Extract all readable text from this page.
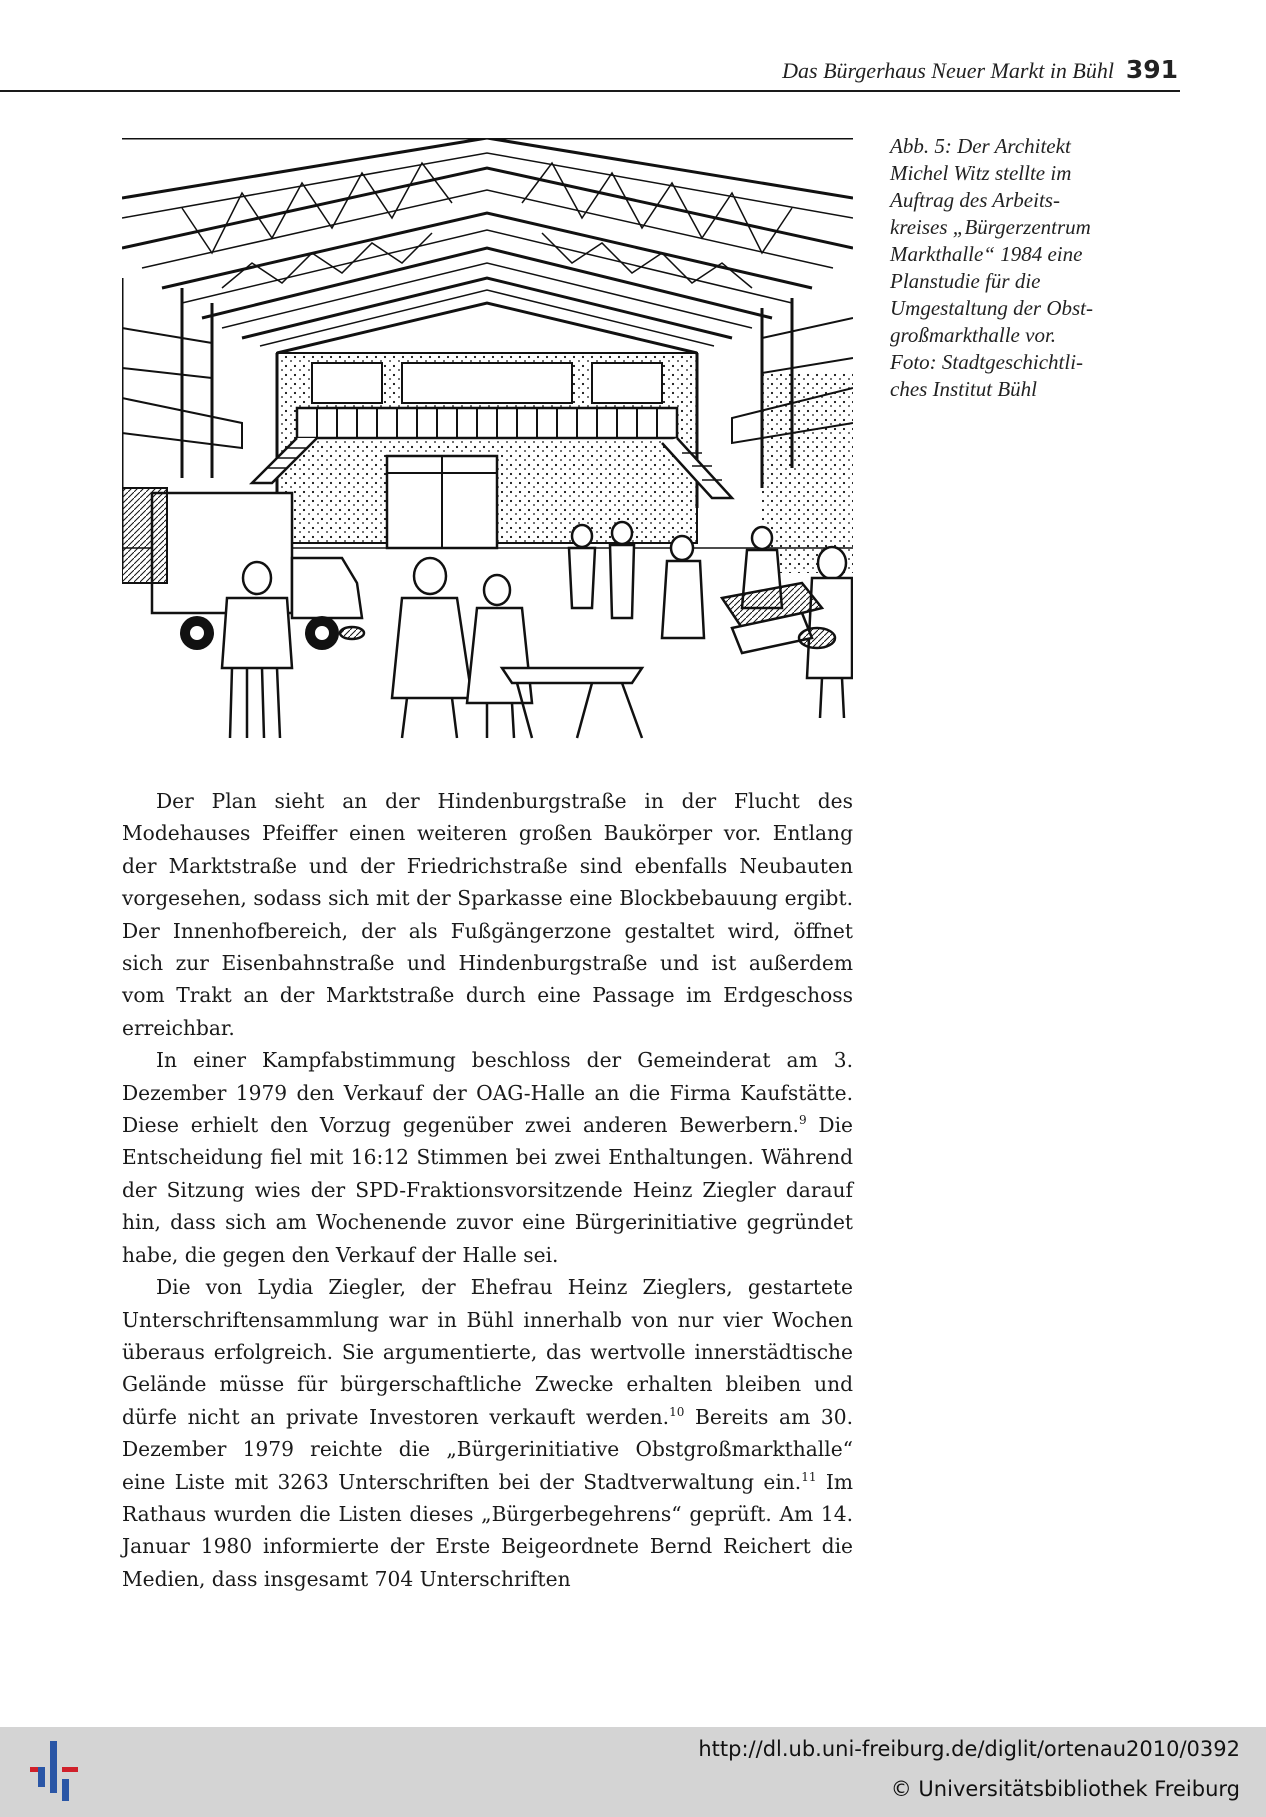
Das Bürgerhaus Neuer Markt in Bühl 391
Abb. 5: Der Architekt
Michel Witz stellte im
Auftrag des Arbeits-
kreises „Bürgerzentrum
Markthalle“ 1984 eine
Planstudie für die
Umgestaltung der Obst-
großmarkthalle vor.
Foto: Stadtgeschichtli-
ches Institut Bühl

Der Plan sieht an der Hindenburgstraße in der Flucht des Modehauses Pfeiffer einen weiteren großen Baukörper vor. Entlang der Marktstraße und der Friedrichstraße sind ebenfalls Neubauten vorgesehen, sodass sich mit der Sparkasse eine Blockbebauung ergibt. Der Innenhofbereich, der als Fußgängerzone gestaltet wird, öffnet sich zur Eisenbahnstraße und Hindenburgstraße und ist außerdem vom Trakt an der Marktstraße durch eine Passage im Erdgeschoss erreichbar.

In einer Kampfabstimmung beschloss der Gemeinderat am 3. Dezember 1979 den Verkauf der OAG-Halle an die Firma Kaufstätte. Diese erhielt den Vorzug gegenüber zwei anderen Bewerbern.$^9$ Die Entscheidung fiel mit 16:12 Stimmen bei zwei Enthaltungen. Während der Sitzung wies der SPD-Fraktionsvorsitzende Heinz Ziegler darauf hin, dass sich am Wochenende zuvor eine Bürgerinitiative gegründet habe, die gegen den Verkauf der Halle sei.

Die von Lydia Ziegler, der Ehefrau Heinz Zieglers, gestartete Unterschriftensammlung war in Bühl innerhalb von nur vier Wochen überaus erfolgreich. Sie argumentierte, das wertvolle innerstädtische Gelände müsse für bürgerschaftliche Zwecke erhalten bleiben und dürfe nicht an private Investoren verkauft werden.$^{10}$ Bereits am 30. Dezember 1979 reichte die „Bürgerinitiative Obstgroßmarkthalle“ eine Liste mit 3263 Unterschriften bei der Stadtverwaltung ein.$^{11}$ Im Rathaus wurden die Listen dieses „Bürgerbegehrens“ geprüft. Am 14. Januar 1980 informierte der Erste Beigeordnete Bernd Reichert die Medien, dass insgesamt 704 Unterschriften

http://dl.ub.uni-freiburg.de/diglit/ortenau2010/0392
© Universitätsbibliothek Freiburg
